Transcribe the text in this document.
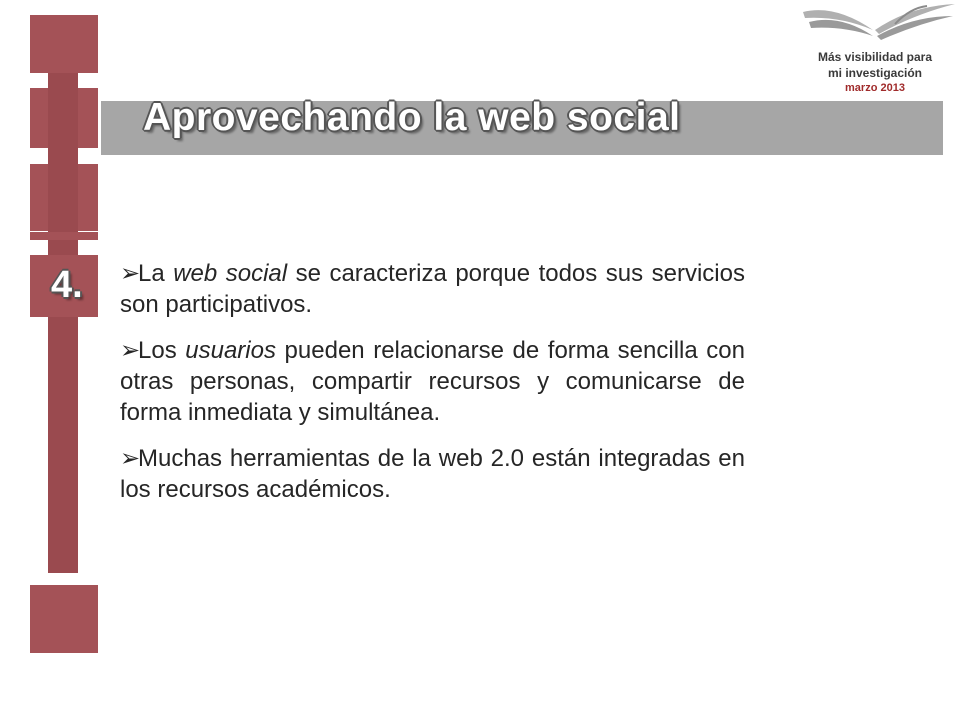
Aprovechando la web social
4.
Más visibilidad para
mi investigación
marzo 2013

➢La web social se caracteriza porque todos sus servicios son participativos.

➢Los usuarios pueden relacionarse de forma sencilla con otras personas, compartir recursos y comunicarse de forma inmediata y simultánea.

➢Muchas herramientas de la web 2.0 están integradas en los recursos académicos.
